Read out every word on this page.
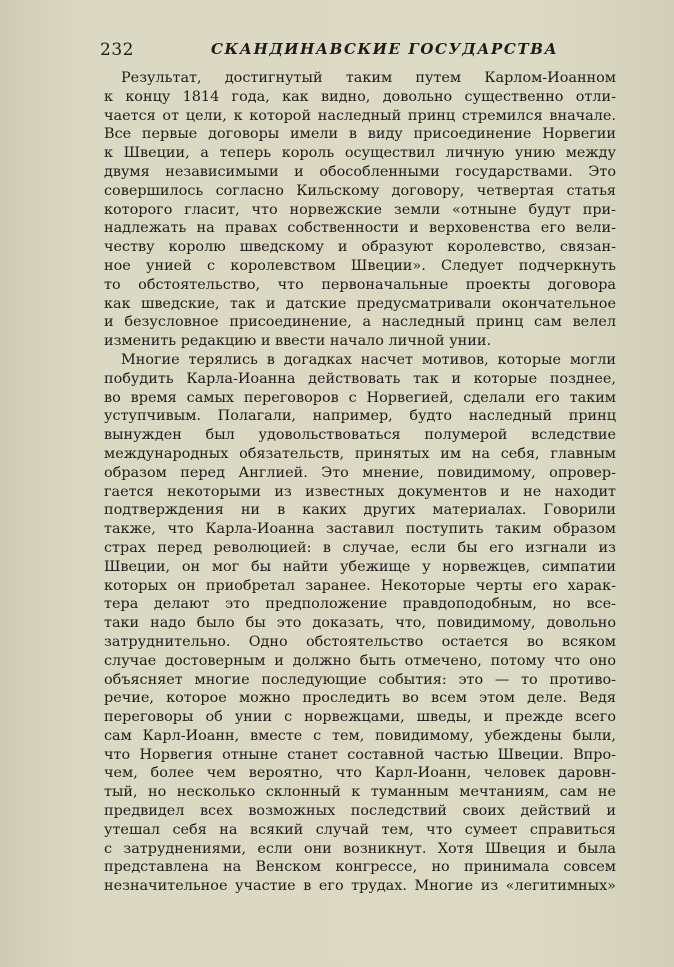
232	СКАНДИНАВСКИЕ ГОСУДАРСТВА
Результат, достигнутый таким путем Карлом-Иоанном
к концу 1814 года, как видно, довольно существенно отли-
чается от цели, к которой наследный принц стремился вначале.
Все первые договоры имели в виду присоединение Норвегии
к Швеции, а теперь король осуществил личную унию между
двумя независимыми и обособленными государствами. Это
совершилось согласно Кильскому договору, четвертая статья
которого гласит, что норвежские земли «отныне будут при-
надлежать на правах собственности и верховенства его вели-
честву королю шведскому и образуют королевство, связан-
ное унией с королевством Швеции». Следует подчеркнуть
то обстоятельство, что первоначальные проекты договора
как шведские, так и датские предусматривали окончательное
и безусловное присоединение, а наследный принц сам велел
изменить редакцию и ввести начало личной унии.
Многие терялись в догадках насчет мотивов, которые могли
побудить Карла-Иоанна действовать так и которые позднее,
во время самых переговоров с Норвегией, сделали его таким
уступчивым. Полагали, например, будто наследный принц
вынужден был удовольствоваться полумерой вследствие
международных обязательств, принятых им на себя, главным
образом перед Англией. Это мнение, повидимому, опровер-
гается некоторыми из известных документов и не находит
подтверждения ни в каких других материалах. Говорили
также, что Карла-Иоанна заставил поступить таким образом
страх перед революцией: в случае, если бы его изгнали из
Швеции, он мог бы найти убежище у норвежцев, симпатии
которых он приобретал заранее. Некоторые черты его харак-
тера делают это предположение правдоподобным, но все-
таки надо было бы это доказать, что, повидимому, довольно
затруднительно. Одно обстоятельство остается во всяком
случае достоверным и должно быть отмечено, потому что оно
объясняет многие последующие события: это — то противо-
речие, которое можно проследить во всем этом деле. Ведя
переговоры об унии с норвежцами, шведы, и прежде всего
сам Карл-Иоанн, вместе с тем, повидимому, убеждены были,
что Норвегия отныне станет составной частью Швеции. Впро-
чем, более чем вероятно, что Карл-Иоанн, человек даровн-
тый, но несколько склонный к туманным мечтаниям, сам не
предвидел всех возможных последствий своих действий и
утешал себя на всякий случай тем, что сумеет справиться
с затруднениями, если они возникнут. Хотя Швеция и была
представлена на Венском конгрессе, но принимала совсем
незначительное участие в его трудах. Многие из «легитимных»
